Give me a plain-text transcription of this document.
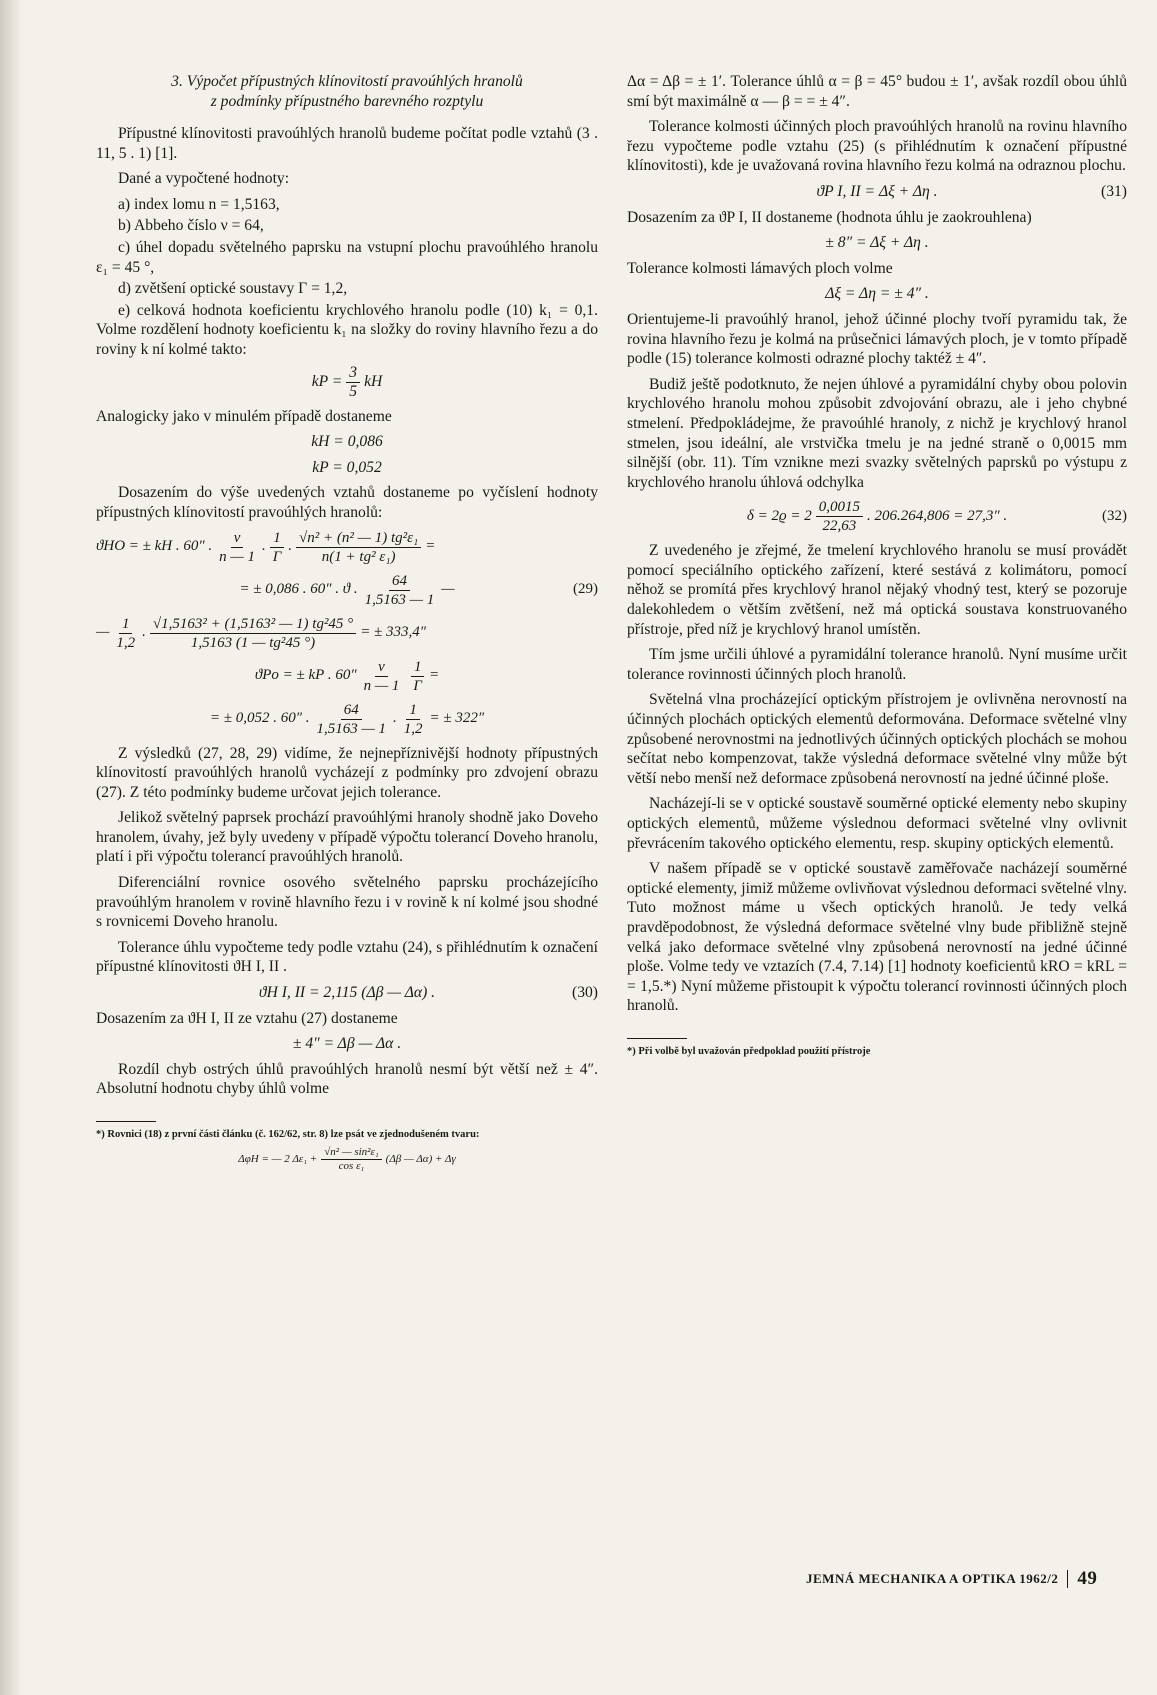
3. Výpočet přípustných klínovitostí pravoúhlých hranolů
z podmínky přípustného barevného rozptylu

Přípustné klínovitosti pravoúhlých hranolů budeme počítat podle vztahů (3 . 11, 5 . 1) [1].

Dané a vypočtené hodnoty:

a) index lomu n = 1,5163,

b) Abbeho číslo ν = 64,

c) úhel dopadu světelného paprsku na vstupní plochu pravoúhlého hranolu ε₁ = 45 °,

d) zvětšení optické soustavy Γ = 1,2,

e) celková hodnota koeficientu krychlového hranolu podle (10) k₁ = 0,1. Volme rozdělení hodnoty koeficientu k₁ na složky do roviny hlavního řezu a do roviny k ní kolmé takto:

kP = $\frac{3}{5}$ kH

Analogicky jako v minulém případě dostaneme

kH = 0,086
kP = 0,052

Dosazením do výše uvedených vztahů dostaneme po vyčíslení hodnoty přípustných klínovitostí pravoúhlých hranolů:

ϑHO = ± kH . 60″ . $\frac{\nu}{n — 1}$ . $\frac{1}{\Gamma}$ . $\frac{\text{√n² + (n² — 1) tg²ε₁}}{\text{n(1 + tg² ε₁)}}$ =
= ± 0,086 . 60″ . ϑ . $\frac{64}{1,5163 — 1}$ —	(29)
— $\frac{1}{1,2}$ . $\frac{\text{√1,5163² + (1,5163² — 1) tg²45 °}}{\text{1,5163 (1 — tg²45 °)}}$ = ± 333,4″
ϑPo = ± kP . $60'' \frac{\nu}{n — 1} \frac{1}{\Gamma}$ =
= ± 0,052 . 60″ . $\frac{64}{1,5163 — 1}$ . $\frac{1}{1,2}$ = ± 322″

Z výsledků (27, 28, 29) vidíme, že nejnepříznivější hodnoty přípustných klínovitostí pravoúhlých hranolů vycházejí z podmínky pro zdvojení obrazu (27). Z této podmínky budeme určovat jejich tolerance.

Jelikož světelný paprsek prochází pravoúhlými hranoly shodně jako Doveho hranolem, úvahy, jež byly uvedeny v případě výpočtu tolerancí Doveho hranolu, platí i při výpočtu tolerancí pravoúhlých hranolů.

Diferenciální rovnice osového světelného paprsku procházejícího pravoúhlým hranolem v rovině hlavního řezu i v rovině k ní kolmé jsou shodné s rovnicemi Doveho hranolu.

Tolerance úhlu vypočteme tedy podle vztahu (24), s přihlédnutím k označení přípustné klínovitosti ϑH I, II .

ϑH I, II = 2,115 (Δβ — Δα) .	(30)

Dosazením za ϑH I, II ze vztahu (27) dostaneme

± 4″ = Δβ — Δα .

Rozdíl chyb ostrých úhlů pravoúhlých hranolů nesmí být větší než ± 4″. Absolutní hodnotu chyby úhlů volme

*) Rovnici (18) z první části článku (č. 162/62, str. 8) lze psát ve zjednodušeném tvaru:
ΔφH = — 2 $\Delta\varepsilon_1 + \frac{\text{√n² — sin²ε₁}}{\text{cos ε₁}} (\Delta\beta$ — Δα) + Δγ

Δα = Δβ = ± 1′. Tolerance úhlů α = β = 45° budou ± 1′, avšak rozdíl obou úhlů smí být maximálně α — β = = ± 4″.

Tolerance kolmosti účinných ploch pravoúhlých hranolů na rovinu hlavního řezu vypočteme podle vztahu (25) (s přihlédnutím k označení přípustné klínovitosti), kde je uvažovaná rovina hlavního řezu kolmá na odraznou plochu.

ϑP I, II = Δξ + Δη .	(31)

Dosazením za ϑP I, II dostaneme (hodnota úhlu je zaokrouhlena)

± 8″ = Δξ + Δη .

Tolerance kolmosti lámavých ploch volme

Δξ = Δη = ± 4″ .

Orientujeme-li pravoúhlý hranol, jehož účinné plochy tvoří pyramidu tak, že rovina hlavního řezu je kolmá na průsečnici lámavých ploch, je v tomto případě podle (15) tolerance kolmosti odrazné plochy taktéž ± 4″.

Budiž ještě podotknuto, že nejen úhlové a pyramidální chyby obou polovin krychlového hranolu mohou způsobit zdvojování obrazu, ale i jeho chybné stmelení. Předpokládejme, že pravoúhlé hranoly, z nichž je krychlový hranol stmelen, jsou ideální, ale vrstvička tmelu je na jedné straně o 0,0015 mm silnější (obr. 11). Tím vznikne mezi svazky světelných paprsků po výstupu z krychlového hranolu úhlová odchylka

$\delta = 2ϱ = 2 \frac{0,0015}{22,63}$ . 206.264,806 = 27,3″ .	(32)

Z uvedeného je zřejmé, že tmelení krychlového hranolu se musí provádět pomocí speciálního optického zařízení, které sestává z kolimátoru, pomocí něhož se promítá přes krychlový hranol nějaký vhodný test, který se pozoruje dalekohledem o větším zvětšení, než má optická soustava konstruovaného přístroje, před níž je krychlový hranol umístěn.

Tím jsme určili úhlové a pyramidální tolerance hranolů. Nyní musíme určit tolerance rovinnosti účinných ploch hranolů.

Světelná vlna procházející optickým přístrojem je ovlivněna nerovností na účinných plochách optických elementů deformována. Deformace světelné vlny způsobené nerovnostmi na jednotlivých účinných optických plochách se mohou sečítat nebo kompenzovat, takže výsledná deformace světelné vlny může být větší nebo menší než deformace způsobená nerovností na jedné účinné ploše.

Nacházejí-li se v optické soustavě souměrné optické elementy nebo skupiny optických elementů, můžeme výslednou deformaci světelné vlny ovlivnit převrácením takového optického elementu, resp. skupiny optických elementů.

V našem případě se v optické soustavě zaměřovače nacházejí souměrné optické elementy, jimiž můžeme ovlivňovat výslednou deformaci světelné vlny. Tuto možnost máme u všech optických hranolů. Je tedy velká pravděpodobnost, že výsledná deformace světelné vlny bude přibližně stejně velká jako deformace světelné vlny způsobená nerovností na jedné účinné ploše. Volme tedy ve vztazích (7.4, 7.14) [1] hodnoty koeficientů kRO = kRL = = 1,5.*) Nyní můžeme přistoupit k výpočtu tolerancí rovinnosti účinných ploch hranolů.

*) Při volbě byl uvažován předpoklad použití přístroje
JEMNÁ MECHANIKA A OPTIKA 1962/2 49
